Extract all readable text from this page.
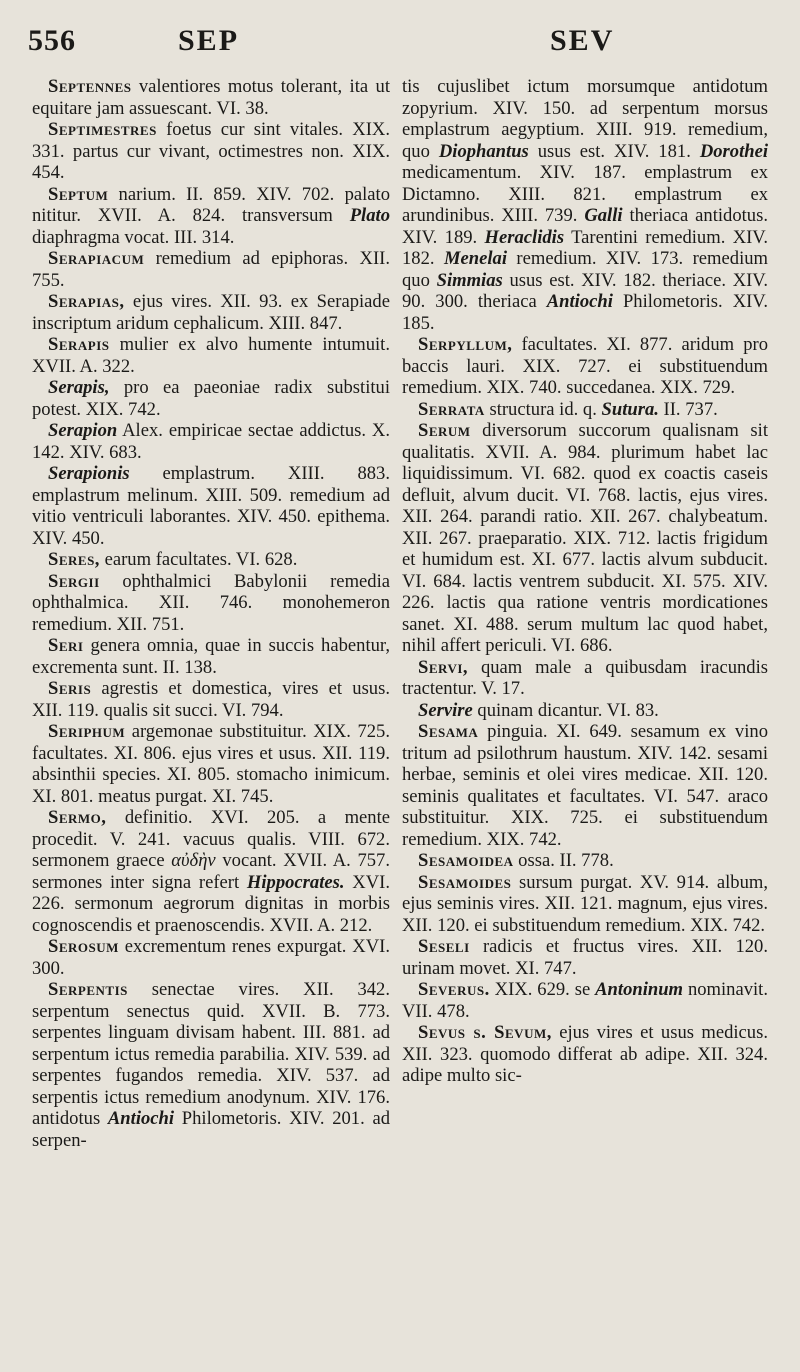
556	SEP	SEV

Septennes valentiores motus tolerant, ita ut equitare jam assuescant. VI. 38.

Septimestres foetus cur sint vitales. XIX. 331. partus cur vivant, octimestres non. XIX. 454.

Septum narium. II. 859. XIV. 702. palato nititur. XVII. A. 824. transversum Plato diaphragma vocat. III. 314.

Serapiacum remedium ad epiphoras. XII. 755.

Serapias, ejus vires. XII. 93. ex Serapiade inscriptum aridum cephalicum. XIII. 847.

Serapis mulier ex alvo humente intumuit. XVII. A. 322.

Serapis, pro ea paeoniae radix substitui potest. XIX. 742.

Serapion Alex. empiricae sectae addictus. X. 142. XIV. 683.

Serapionis emplastrum. XIII. 883. emplastrum melinum. XIII. 509. remedium ad vitio ventriculi laborantes. XIV. 450. epithema. XIV. 450.

Seres, earum facultates. VI. 628.

Sergii ophthalmici Babylonii remedia ophthalmica. XII. 746. monohemeron remedium. XII. 751.

Seri genera omnia, quae in succis habentur, excrementa sunt. II. 138.

Seris agrestis et domestica, vires et usus. XII. 119. qualis sit succi. VI. 794.

Seriphum argemonae substituitur. XIX. 725. facultates. XI. 806. ejus vires et usus. XII. 119. absinthii species. XI. 805. stomacho inimicum. XI. 801. meatus purgat. XI. 745.

Sermo, definitio. XVI. 205. a mente procedit. V. 241. vacuus qualis. VIII. 672. sermonem graece αὐδὴν vocant. XVII. A. 757. sermones inter signa refert Hippocrates. XVI. 226. sermonum aegrorum dignitas in morbis cognoscendis et praenoscendis. XVII. A. 212.

Serosum excrementum renes expurgat. XVI. 300.

Serpentis senectae vires. XII. 342. serpentum senectus quid. XVII. B. 773. serpentes linguam divisam habent. III. 881. ad serpentum ictus remedia parabilia. XIV. 539. ad serpentes fugandos remedia. XIV. 537. ad serpentis ictus remedium anodynum. XIV. 176. antidotus Antiochi Philometoris. XIV. 201. ad serpen-

tis cujuslibet ictum morsumque antidotum zopyrium. XIV. 150. ad serpentum morsus emplastrum aegyptium. XIII. 919. remedium, quo Diophantus usus est. XIV. 181. Dorothei medicamentum. XIV. 187. emplastrum ex Dictamno. XIII. 821. emplastrum ex arundinibus. XIII. 739. Galli theriaca antidotus. XIV. 189. Heraclidis Tarentini remedium. XIV. 182. Menelai remedium. XIV. 173. remedium quo Simmias usus est. XIV. 182. theriace. XIV. 90. 300. theriaca Antiochi Philometoris. XIV. 185.

Serpyllum, facultates. XI. 877. aridum pro baccis lauri. XIX. 727. ei substituendum remedium. XIX. 740. succedanea. XIX. 729.

Serrata structura id. q. Sutura. II. 737.

Serum diversorum succorum qualisnam sit qualitatis. XVII. A. 984. plurimum habet lac liquidissimum. VI. 682. quod ex coactis caseis defluit, alvum ducit. VI. 768. lactis, ejus vires. XII. 264. parandi ratio. XII. 267. chalybeatum. XII. 267. praeparatio. XIX. 712. lactis frigidum et humidum est. XI. 677. lactis alvum subducit. VI. 684. lactis ventrem subducit. XI. 575. XIV. 226. lactis qua ratione ventris mordicationes sanet. XI. 488. serum multum lac quod habet, nihil affert periculi. VI. 686.

Servi, quam male a quibusdam iracundis tractentur. V. 17.

Servire quinam dicantur. VI. 83.

Sesama pinguia. XI. 649. sesamum ex vino tritum ad psilothrum haustum. XIV. 142. sesami herbae, seminis et olei vires medicae. XII. 120. seminis qualitates et facultates. VI. 547. araco substituitur. XIX. 725. ei substituendum remedium. XIX. 742.

Sesamoidea ossa. II. 778.

Sesamoides sursum purgat. XV. 914. album, ejus seminis vires. XII. 121. magnum, ejus vires. XII. 120. ei substituendum remedium. XIX. 742.

Seseli radicis et fructus vires. XII. 120. urinam movet. XI. 747.

Severus. XIX. 629. se Antoninum nominavit. VII. 478.

Sevus s. Sevum, ejus vires et usus medicus. XII. 323. quomodo differat ab adipe. XII. 324. adipe multo sic-
